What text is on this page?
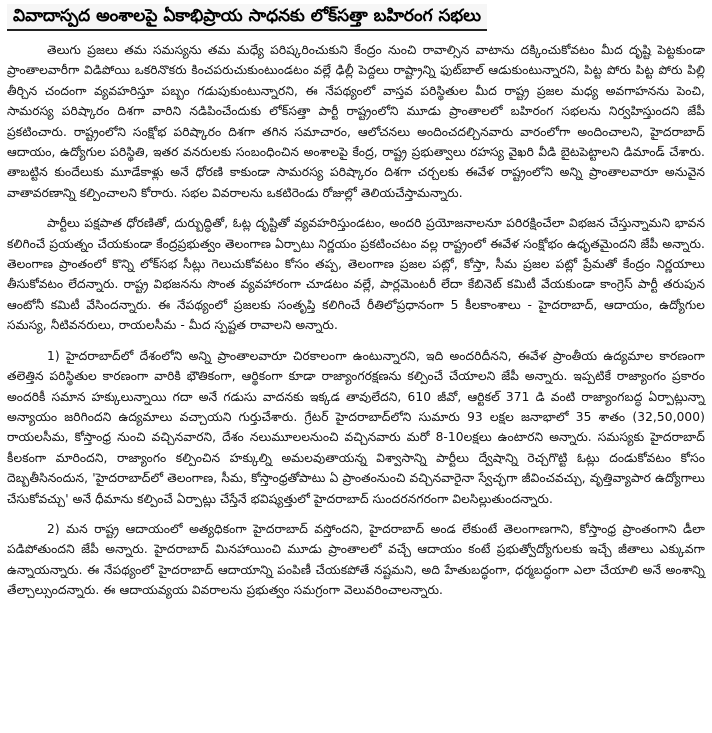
వివాదాస్పద అంశాలపై ఏకాభిప్రాయ సాధనకు లోక్‌సత్తా బహిరంగ సభలు

తెలుగు ప్రజలు తమ సమస్యను తమ మధ్యే పరిష్కరించుకుని కేంద్రం నుంచి రావాల్సిన వాటాను దక్కించుకోవటం మీద దృష్టి పెట్టకుండా ప్రాంతాలవారీగా విడిపోయి ఒకరినొకరు కించపరుచుకుంటుండటం వల్లే ఢిల్లీ పెద్దలు రాష్ట్రాన్ని ఫుట్‌బాల్ ఆడుకుంటున్నారని, పిట్ట పోరు పిట్ట పోరు పిల్లి తీర్చిన చందంగా వ్యవహరిస్తూ పబ్బం గడుపుకుంటున్నారని, ఈ నేపథ్యంలో వాస్తవ పరిస్థితుల మీద రాష్ట్ర ప్రజల మధ్య అవగాహనను పెంచి, సామరస్య పరిష్కారం దిశగా వారిని నడిపించేందుకు లోక్‌సత్తా పార్టీ రాష్ట్రంలోని మూడు ప్రాంతాలలో బహిరంగ సభలను నిర్వహిస్తుందని జేపీ ప్రకటించారు. రాష్ట్రంలోని సంక్షోభ పరిష్కారం దిశగా తగిన సమాచారం, ఆలోచనలు అందించదల్చినవారు వారంలోగా అందించాలని, హైదరాబాద్ ఆదాయం, ఉద్యోగుల పరిస్థితి, ఇతర వనరులకు సంబంధించిన అంశాలపై కేంద్ర, రాష్ట్ర ప్రభుత్వాలు రహస్య వైఖరి వీడి బైటపెట్టాలని డిమాండ్ చేశారు. తాబట్టిన కుందేలుకు మూడేకాళ్లు అనే ధోరణి కాకుండా సామరస్య పరిష్కారం దిశగా చర్చలకు ఈవేళ రాష్ట్రంలోని అన్ని ప్రాంతాలవారూ అనువైన వాతావరణాన్ని కల్పించాలని కోరారు. సభల వివరాలను ఒకటిరెండు రోజుల్లో తెలియచేస్తామన్నారు.

పార్టీలు పక్షపాత ధోరణితో, దుర్బుద్ధితో, ఓట్ల దృష్టితో వ్యవహరిస్తుండటం, అందరి ప్రయోజనాలనూ పరిరక్షించేలా విభజన చేస్తున్నామని భావన కలిగించే ప్రయత్నం చేయకుండా కేంద్రప్రభుత్వం తెలంగాణ ఏర్పాటు నిర్ణయం ప్రకటించటం వల్ల రాష్ట్రంలో ఈవేళ సంక్షోభం ఉధృతమైందని జేపీ అన్నారు. తెలంగాణ ప్రాంతంలో కొన్ని లోక్‌సభ సీట్లు గెలుచుకోవటం కోసం తప్ప, తెలంగాణ ప్రజల పట్లో, కోస్తా, సీమ ప్రజల పట్లో ప్రేమతో కేంద్రం నిర్ణయాలు తీసుకోవటం లేదన్నారు. రాష్ట్ర విభజనను సొంత వ్యవహారంగా చూడటం వల్లే, పార్లమెంటరీ లేదా కేబినెట్ కమిటీ వేయకుండా కాంగ్రెస్ పార్టీ తరుపున ఆంటోనీ కమిటీ వేసిందన్నారు. ఈ నేపథ్యంలో ప్రజలకు సంతృప్తి కలిగించే రీతిలోప్రధానంగా 5 కీలకాంశాలు - హైదరాబాద్, ఆదాయం, ఉద్యోగుల సమస్య, నీటివనరులు, రాయలసీమ - మీద స్పష్టత రావాలని అన్నారు.

1) హైదరాబాద్‌లో దేశంలోని అన్ని ప్రాంతాలవారూ చిరకాలంగా ఉంటున్నారని, ఇది అందరిదీనని, ఈవేళ ప్రాంతీయ ఉద్యమాల కారణంగా తలెత్తిన పరిస్థితుల కారణంగా వారికి భౌతికంగా, ఆర్థికంగా కూడా రాజ్యాంగరక్షణను కల్పించే చేయాలని జేపీ అన్నారు. ఇప్పటికే రాజ్యాంగం ప్రకారం అందరికీ సమాన హక్కులున్నాయి గదా అనే గడుసు వాదనకు ఇక్కడ తావులేదని, 610 జీవో, ఆర్టికల్ 371 డి వంటి రాజ్యాంగబద్ధ ఏర్పాట్లున్నా అన్యాయం జరిగిందని ఉద్యమాలు వచ్చాయని గుర్తుచేశారు. గ్రేటర్ హైదరాబాద్‌లోని సుమారు 93 లక్షల జనాభాలో 35 శాతం (32,50,000) రాయలసీమ, కోస్తాంధ్ర నుంచి వచ్చినవారని, దేశం నలుమూలలనుంచి వచ్చినవారు మరో 8-10లక్షలు ఉంటారని అన్నారు. సమస్యకు హైదరాబాద్ కీలకంగా మారిందని, రాజ్యాంగం కల్పించిన హక్కుల్ని అమలవుతాయన్న విశ్వాసాన్ని పార్టీలు ద్వేషాన్ని రెచ్చగొట్టి ఓట్లు దండుకోవటం కోసం దెబ్బతీసినందున, 'హైదరాబాద్‌లో తెలంగాణ, సీమ, కోస్తాంధ్రతోపాటు ఏ ప్రాంతంనుంచి వచ్చినవారైనా స్వేచ్ఛగా జీవించవచ్చు, వృత్తివ్యాపార ఉద్యోగాలు చేసుకోవచ్చు' అనే ధీమాను కల్పించే ఏర్పాట్లు చేస్తేనే భవిష్యత్తులో హైదరాబాద్ సుందరనగరంగా విలసిల్లుతుందన్నారు.

2) మన రాష్ట్ర ఆదాయంలో అత్యధికంగా హైదరాబాద్ వస్తోందని, హైదరాబాద్ అండ లేకుంటే తెలంగాణగాని, కోస్తాంధ్ర ప్రాంతంగాని డీలా పడిపోతుందని జేపీ అన్నారు. హైదరాబాద్ మినహాయించి మూడు ప్రాంతాలలో వచ్చే ఆదాయం కంటే ప్రభుత్వోద్యోగులకు ఇచ్చే జీతాలు ఎక్కువగా ఉన్నాయన్నారు. ఈ నేపథ్యంలో హైదరాబాద్ ఆదాయాన్ని పంపిణీ చేయకపోతే నష్టమని, అది హేతుబద్ధంగా, ధర్మబద్ధంగా ఎలా చేయాలి అనే అంశాన్ని తేల్చాల్సుందన్నారు. ఈ ఆదాయవ్యయ వివరాలను ప్రభుత్వం సమగ్రంగా వెలువరించాలన్నారు.
